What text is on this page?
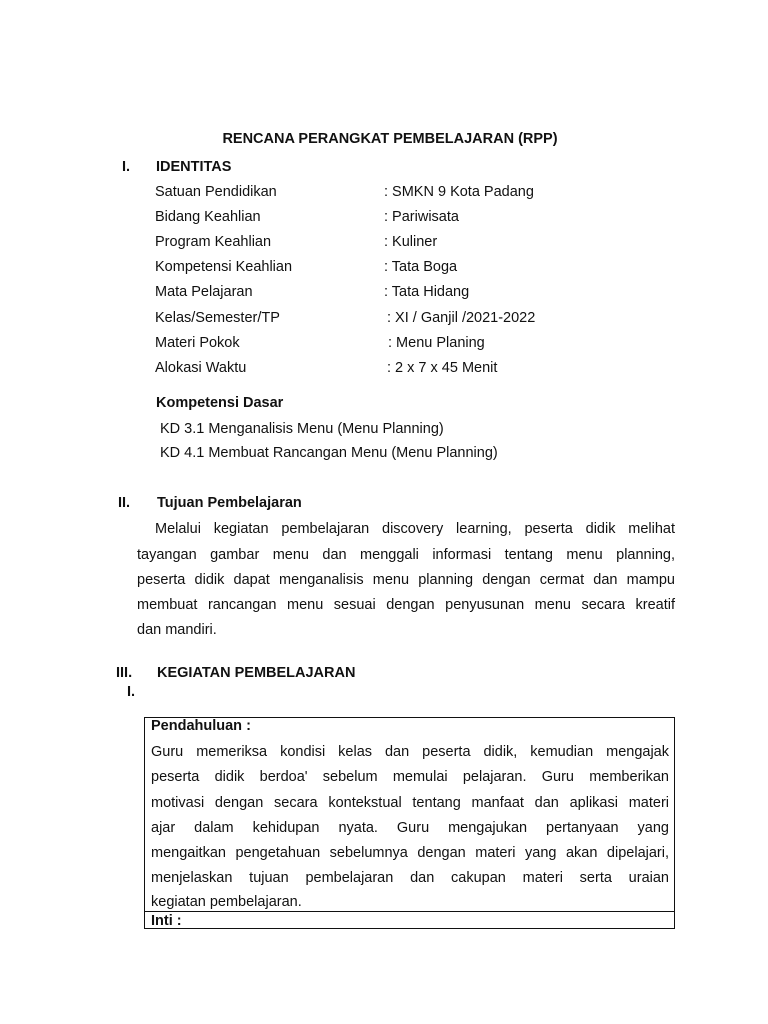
RENCANA PERANGKAT PEMBELAJARAN (RPP)
I. IDENTITAS
Satuan Pendidikan	: SMKN 9 Kota Padang
Bidang Keahlian	: Pariwisata
Program Keahlian	: Kuliner
Kompetensi Keahlian	: Tata Boga
Mata Pelajaran	: Tata Hidang
Kelas/Semester/TP	: XI / Ganjil /2021-2022
Materi Pokok	: Menu Planing
Alokasi Waktu	: 2 x 7 x 45 Menit
Kompetensi Dasar
KD 3.1 Menganalisis Menu (Menu Planning)
KD 4.1 Membuat Rancangan Menu (Menu Planning)
II. Tujuan Pembelajaran
Melalui kegiatan pembelajaran discovery learning, peserta didik melihat
tayangan gambar menu dan menggali informasi tentang menu planning,
peserta didik dapat menganalisis menu planning dengan cermat dan mampu
membuat rancangan menu sesuai dengan penyusunan menu secara kreatif
dan mandiri.
III. KEGIATAN PEMBELAJARAN
I.
Pendahuluan :
Guru memeriksa kondisi kelas dan peserta didik, kemudian mengajak
peserta didik berdoa' sebelum memulai pelajaran. Guru memberikan
motivasi dengan secara kontekstual tentang manfaat dan aplikasi materi
ajar dalam kehidupan nyata. Guru mengajukan pertanyaan yang
mengaitkan pengetahuan sebelumnya dengan materi yang akan dipelajari,
menjelaskan tujuan pembelajaran dan cakupan materi serta uraian
kegiatan pembelajaran.
Inti :
